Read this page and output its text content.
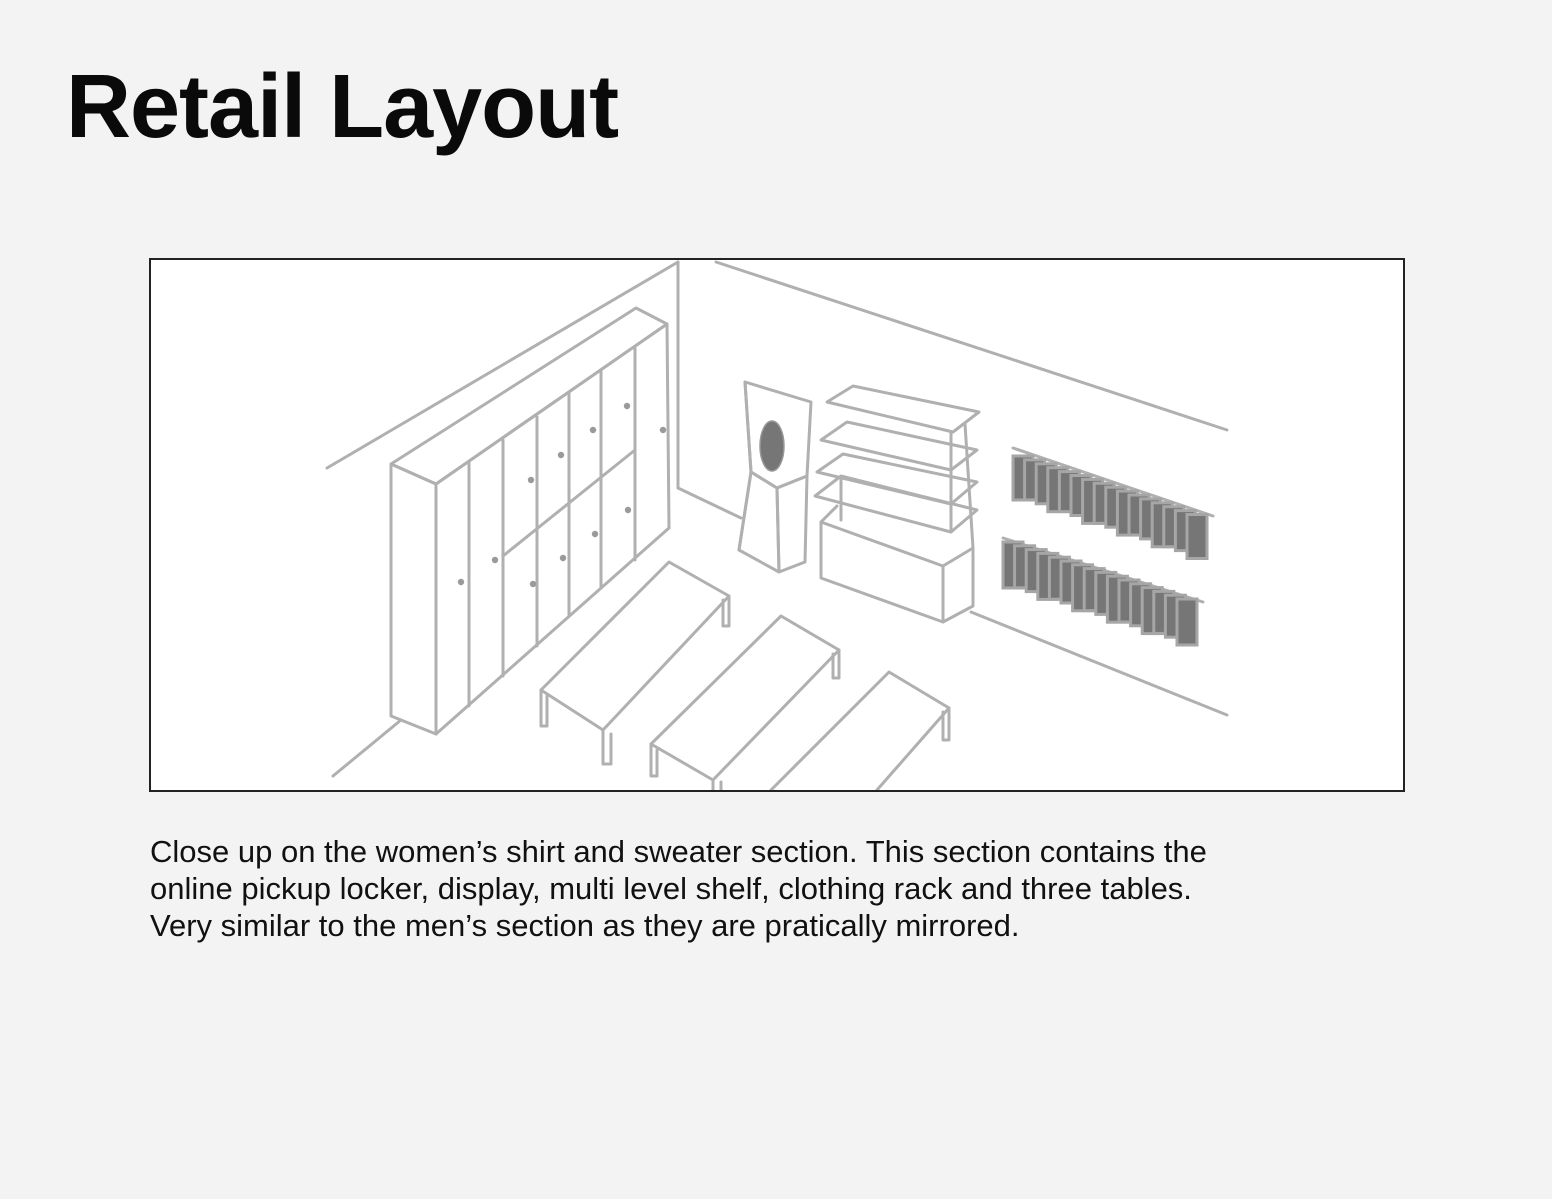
Retail Layout

Close up on the women’s shirt and sweater section. This section contains the
online pickup locker, display, multi level shelf, clothing rack and three tables.
Very similar to the men’s section as they are pratically mirrored.
